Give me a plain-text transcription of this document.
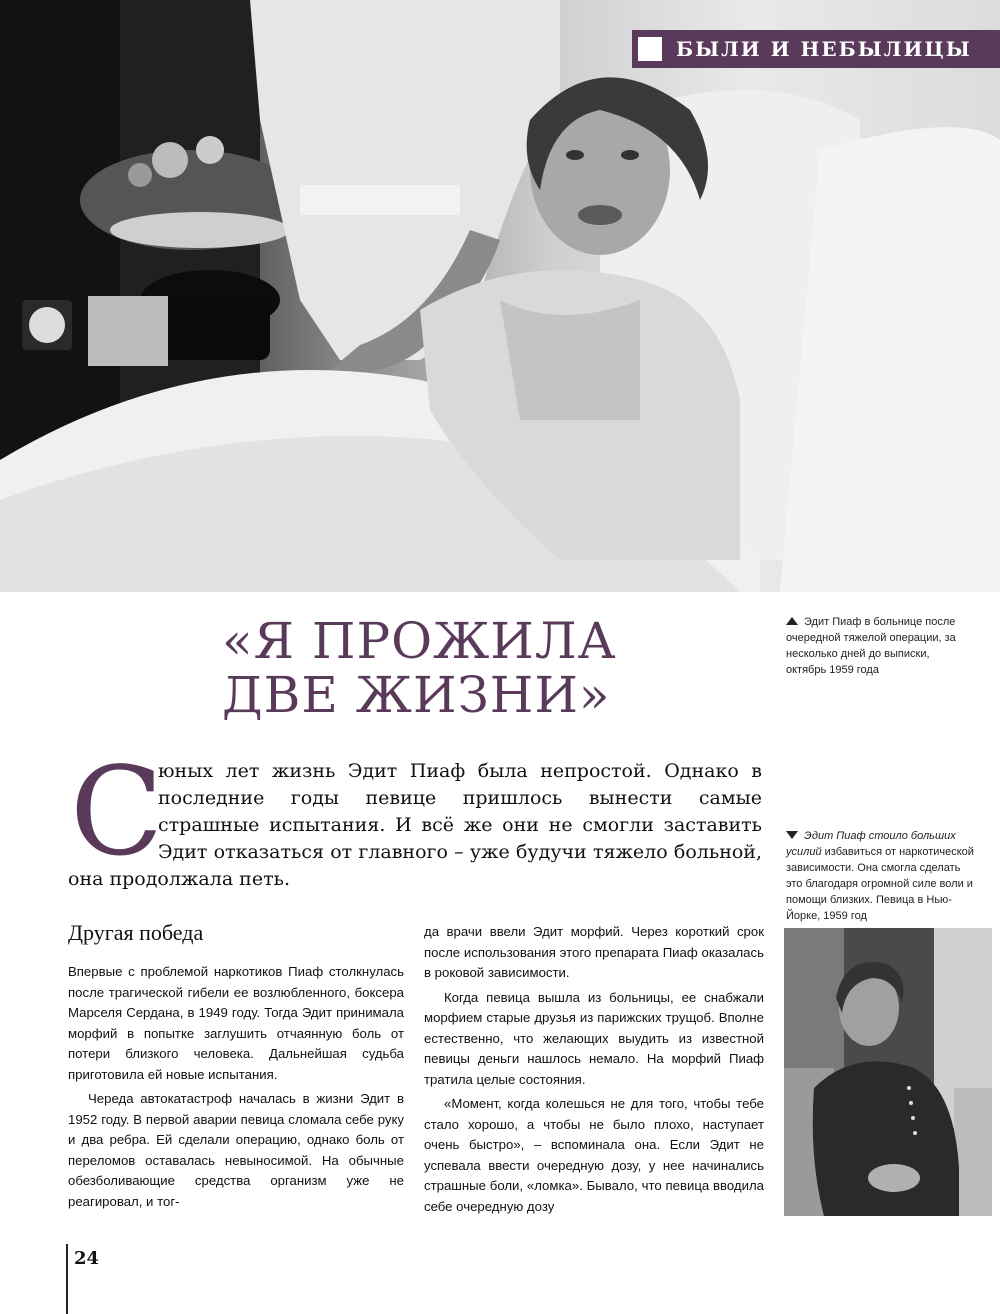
БЫЛИ И НЕБЫЛИЦЫ
Эдит Пиаф в больнице после очередной тяжелой операции, за несколько дней до выписки, октябрь 1959 года
«Я ПРОЖИЛА
ДВЕ ЖИЗНИ»
С
юных лет жизнь Эдит Пиаф была непростой. Однако в последние годы певице пришлось вынести самые страшные испытания. И всё же они не смогли заставить Эдит отказаться от главного – уже будучи тяжело больной, она продолжала петь.
Эдит Пиаф стоило больших усилий избавиться от наркотической зависимости. Она смогла сделать это благодаря огромной силе воли и помощи близких. Певица в Нью-Йорке, 1959 год
Другая победа

Впервые с проблемой наркотиков Пиаф столкнулась после трагической гибели ее возлюбленного, боксера Марселя Сердана, в 1949 году. Тогда Эдит принимала морфий в попытке заглушить отчаянную боль от потери близкого человека. Дальнейшая судьба приготовила ей новые испытания.

Череда автокатастроф началась в жизни Эдит в 1952 году. В первой аварии певица сломала себе руку и два ребра. Ей сделали операцию, однако боль от переломов оставалась невыносимой. На обычные обезболивающие средства организм уже не реагировал, и тог-

да врачи ввели Эдит морфий. Через короткий срок после использования этого препарата Пиаф оказалась в роковой зависимости.

Когда певица вышла из больницы, ее снабжали морфием старые друзья из парижских трущоб. Вполне естественно, что желающих выудить из известной певицы деньги нашлось немало. На морфий Пиаф тратила целые состояния.

«Момент, когда колешься не для того, чтобы тебе стало хорошо, а чтобы не было плохо, наступает очень быстро», – вспоминала она. Если Эдит не успевала ввести очередную дозу, у нее начинались страшные боли, «ломка». Бывало, что певица вводила себе очередную дозу

24
